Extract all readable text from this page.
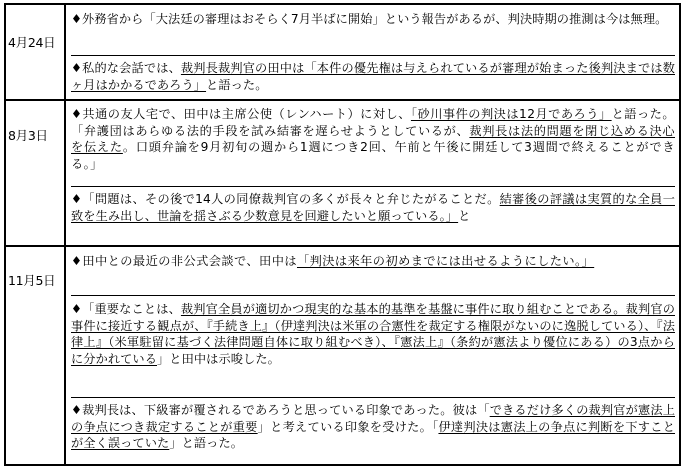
4月24日
♦外務省から「大法廷の審理はおそらく7月半ばに開始」という報告があるが、判決時期の推測は今は無理。
♦私的な会話では、裁判長裁判官の田中は「本件の優先権は与えられているが審理が始まった後判決までは数ヶ月はかかるであろう」と語った。
8月3日
♦共通の友人宅で、田中は主席公使（レンハート）に対し、「砂川事件の判決は12月であろう」と語った。「弁護団はあらゆる法的手段を試み結審を遅らせようとしているが、裁判長は法的問題を閉じ込める決心を伝えた。口頭弁論を9月初旬の週から1週につき2回、午前と午後に開廷して3週間で終えることができる。」
♦「問題は、その後で14人の同僚裁判官の多くが長々と弁じたがることだ。結審後の評議は実質的な全員一致を生み出し、世論を揺さぶる少数意見を回避したいと願っている。」と
11月5日
♦田中との最近の非公式会談で、田中は「判決は来年の初めまでには出せるようにしたい。」
♦「重要なことは、裁判官全員が適切かつ現実的な基本的基準を基盤に事件に取り組むことである。裁判官の事件に接近する観点が、『手続き上』（伊達判決は米軍の合憲性を裁定する権限がないのに逸脱している）、『法律上』（米軍駐留に基づく法律問題自体に取り組むべき）、『憲法上』（条約が憲法より優位にある）の3点からに分かれている」と田中は示唆した。
♦裁判長は、下級審が覆されるであろうと思っている印象であった。彼は「できるだけ多くの裁判官が憲法上の争点につき裁定することが重要」と考えている印象を受けた。「伊達判決は憲法上の争点に判断を下すことが全く誤っていた」と語った。
